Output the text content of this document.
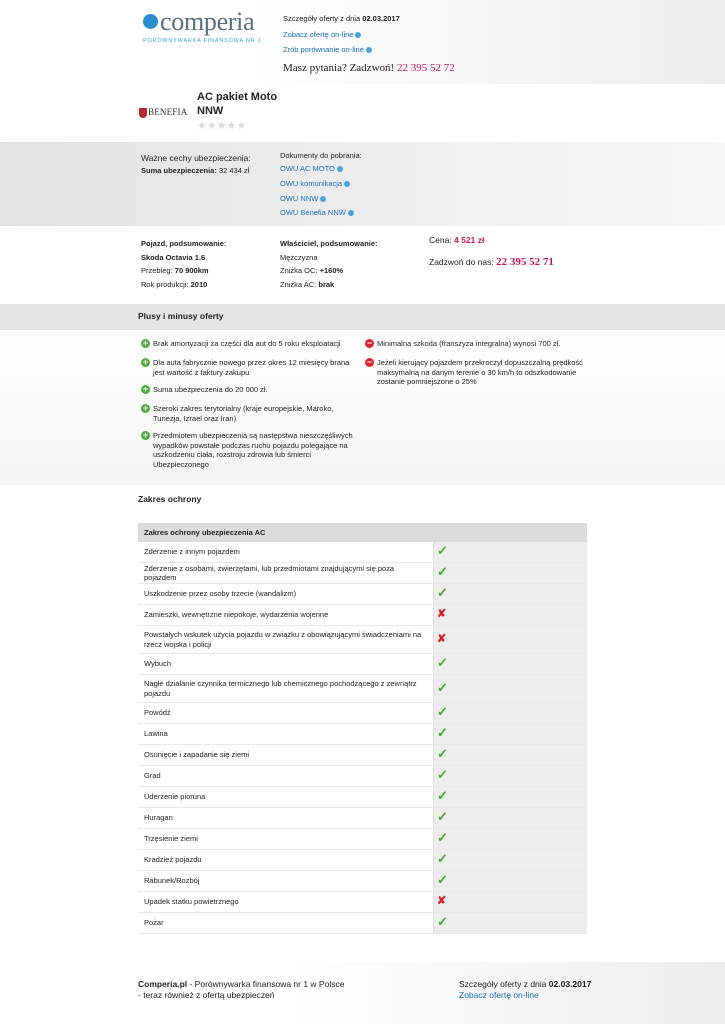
comperia
PORÓWNYWARKA FINANSOWA NR 1
Szczegóły oferty z dnia 02.03.2017
Zobacz ofertę on-line
Zrób porównanie on-line
Masz pytania? Zadzwoń! 22 395 52 72
BENEFIA
AC pakiet Moto
NNW
★★★★★
Ważne cechy ubezpieczenia:
Suma ubezpieczenia: 32 434 zł
Dokumenty do pobrania:
OWU AC MOTO
OWU komunikacja
OWU NNW
OWU Benefia NNW
Pojazd, podsumowanie:
Skoda Octavia 1.6
Przebieg: 70 900km
Rok produkcji: 2010
Właściciel, podsumowanie:
Mężczyzna
Zniżka OC: +160%
Zniżka AC: brak
Cena: 4 521 zł
Zadzwoń do nas: 22 395 52 71
Plusy i minusy oferty
+ Brak amortyzacji za części dla aut do 5 roku eksploatacji
+ Dla auta fabrycznie nowego przez okres 12 miesięcy brana jest wartość z faktury zakupu
+ Suma ubezpieczenia do 20 000 zł.
+ Szeroki zakres terytorialny (kraje europejskie, Maroko, Tunezja, Izrael oraz Iran)
+ Przedmiotem ubezpieczenia są następstwa nieszczęśliwych wypadków powstałe podczas ruchu pojazdu polegające na uszkodzeniu ciała, rozstroju zdrowia lub śmierci Ubezpieczonego
− Minimalna szkoda (franszyza integralna) wynosi 700 zł.
− Jeżeli kierujący pojazdem przekroczył dopuszczalną prędkość maksymalną na danym terenie o 30 km/h to odszkodowanie zostanie pomniejszone o 25%
Zakres ochrony
Zakres ochrony ubezpieczenia AC	
Zderzenie z innym pojazdem	✓
Zderzenie z osobami, zwierzętami, lub przedmiotami znajdującymi się poza pojazdem	✓
Uszkodzenie przez osoby trzecie (wandalizm)	✓
Zamieszki, wewnętrzne niepokoje, wydarzenia wojenne	✘
Powstałych wskutek użycia pojazdu w związku z obowiązującymi świadczeniami na rzecz wojska i policji	✘
Wybuch	✓
Nagłe działanie czynnika termicznego lub chemicznego pochodzącego z zewnątrz pojazdu	✓
Powódź	✓
Lawina	✓
Osunięcie i zapadanie się ziemi	✓
Grad	✓
Uderzenie pioruna	✓
Huragan	✓
Trzęsienie ziemi	✓
Kradzież pojazdu	✓
Rabunek/Rozbój	✓
Upadek statku powietrznego	✘
Pożar	✓
Comperia.pl - Porównywarka finansowa nr 1 w Polsce
- teraz również z ofertą ubezpieczeń
Szczegóły oferty z dnia 02.03.2017
Zobacz ofertę on-line
